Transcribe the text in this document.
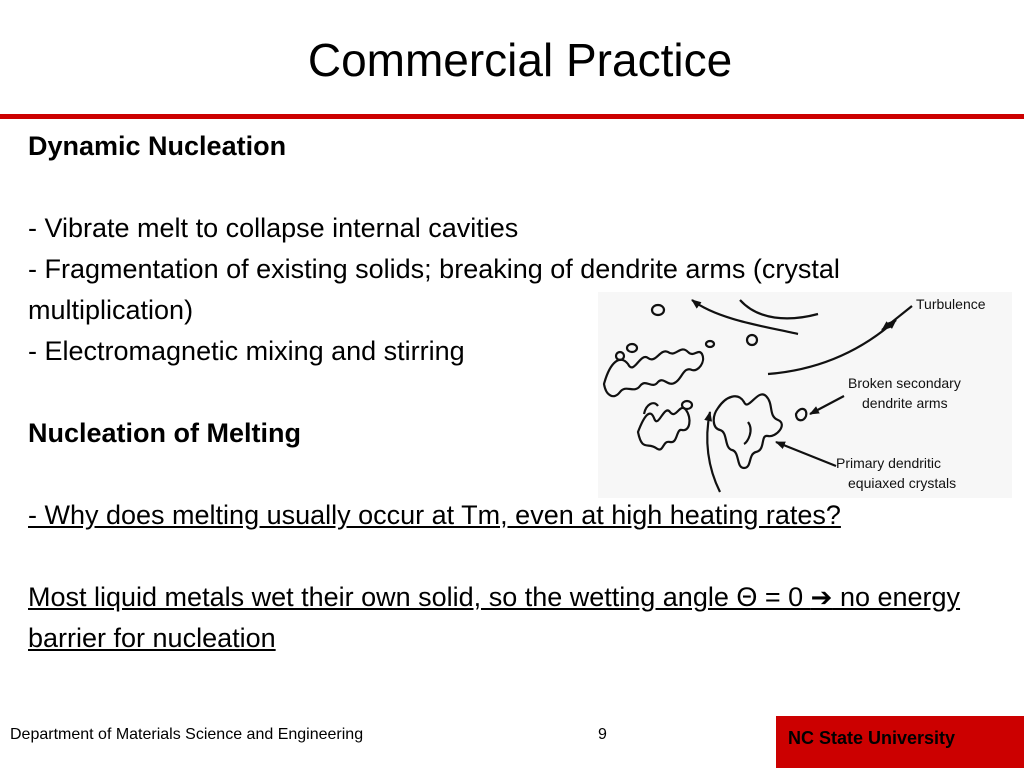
Commercial Practice

Dynamic Nucleation

- Vibrate melt to collapse internal cavities

- Fragmentation of existing solids; breaking of dendrite arms (crystal multiplication)

- Electromagnetic mixing and stirring

Nucleation of Melting

- Why does melting usually occur at Tm, even at high heating rates?

Most liquid metals wet their own solid, so the wetting angle Θ = 0 ➔ no energy barrier for nucleation

Turbulence
Broken secondary
dendrite arms
Primary dendritic
equiaxed crystals
Department of Materials Science and Engineering	9	NC State University
